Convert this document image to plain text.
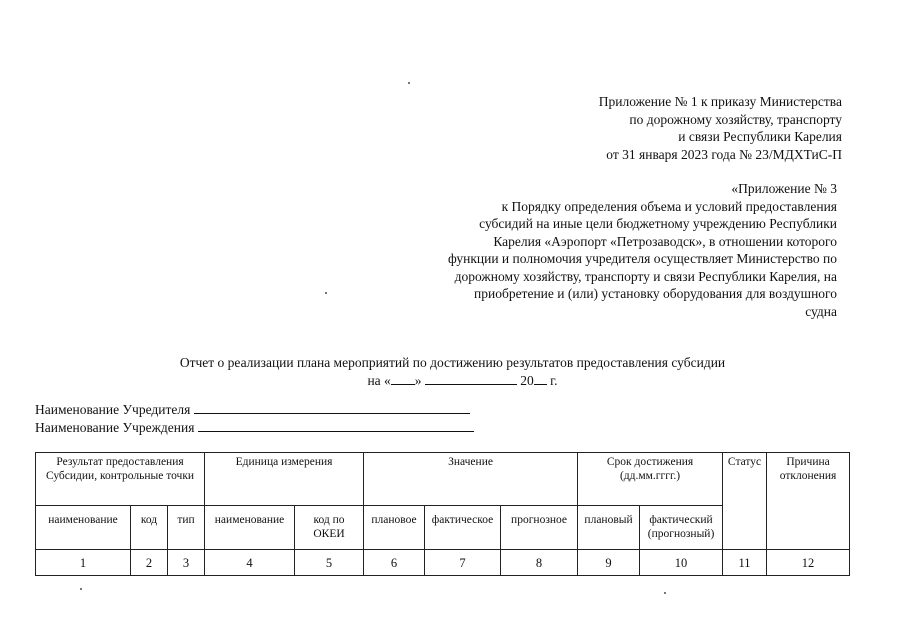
Приложение № 1 к приказу Министерства
по дорожному хозяйству, транспорту
и связи Республики Карелия
от 31 января 2023 года № 23/МДХТиС-П
«Приложение № 3
к Порядку определения объема и условий предоставления
субсидий на иные цели бюджетному учреждению Республики
Карелия «Аэропорт «Петрозаводск», в отношении которого
функции и полномочия учредителя осуществляет Министерство по
дорожному хозяйству, транспорту и связи Республики Карелия, на
приобретение и (или) установку оборудования для воздушного
судна
Отчет о реализации плана мероприятий по достижению результатов предоставления субсидии
на « »	20 г.
Наименование Учредителя
Наименование Учреждения
Результат предоставления Субсидии, контрольные точки			Единица измерения		Значение			Срок достижения (дд.мм.гггг.)		Статус	Причина отклонения
наименование	код	тип	наименование	код по ОКЕИ	плановое	фактическое	прогнозное	плановый	фактический (прогнозный)		
1	2	3	4	5	6	7	8	9	10	11	12
